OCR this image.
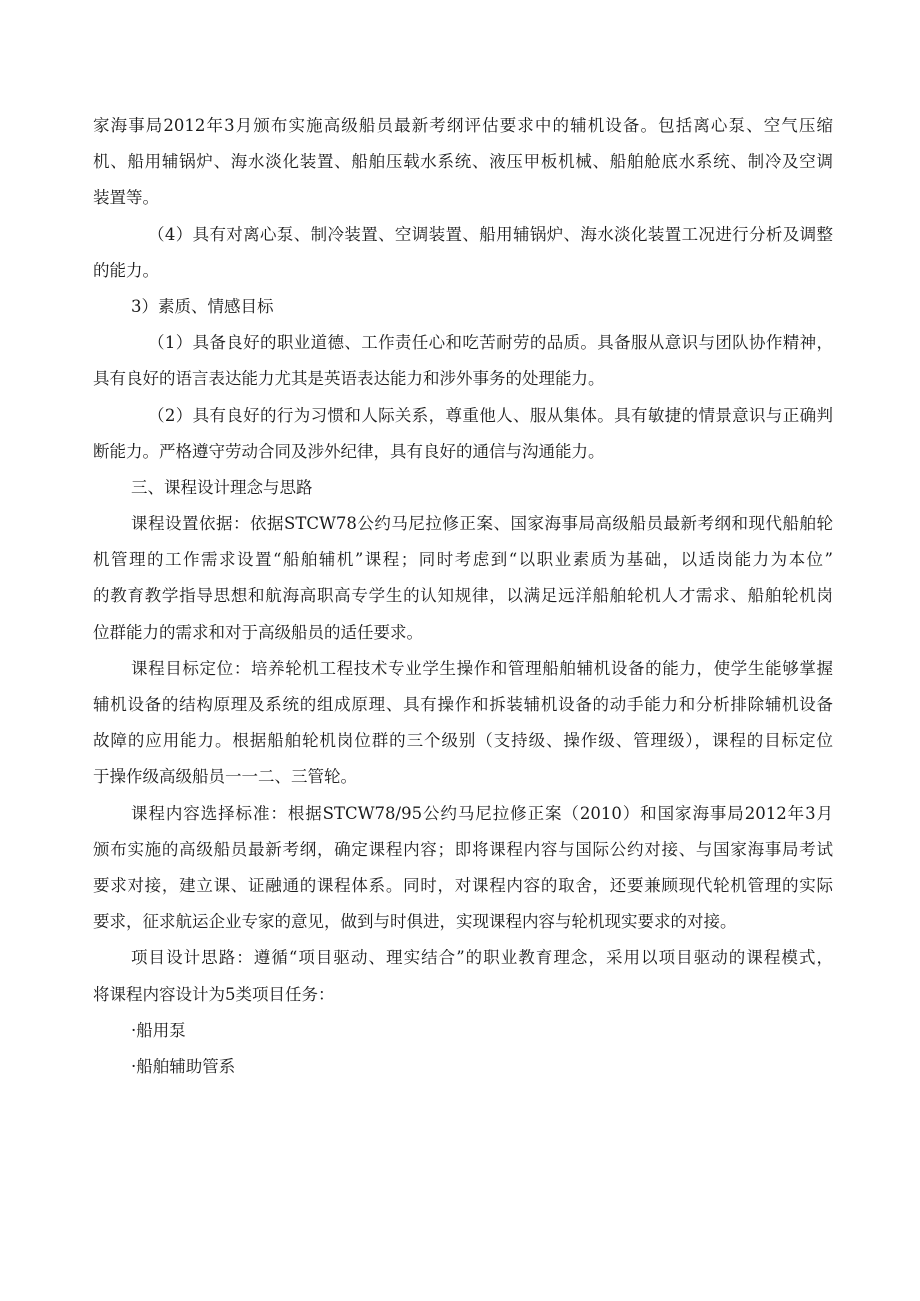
家海事局2012年3月颁布实施高级船员最新考纲评估要求中的辅机设备。包括离心泵、空气压缩
机、船用辅锅炉、海水淡化装置、船舶压载水系统、液压甲板机械、船舶舱底水系统、制冷及空调
装置等。
（4）具有对离心泵、制冷装置、空调装置、船用辅锅炉、海水淡化装置工况进行分析及调整
的能力。
3）素质、情感目标
（1）具备良好的职业道德、工作责任心和吃苦耐劳的品质。具备服从意识与团队协作精神，
具有良好的语言表达能力尤其是英语表达能力和涉外事务的处理能力。
（2）具有良好的行为习惯和人际关系，尊重他人、服从集体。具有敏捷的情景意识与正确判
断能力。严格遵守劳动合同及涉外纪律，具有良好的通信与沟通能力。
三、课程设计理念与思路
课程设置依据：依据STCW78公约马尼拉修正案、国家海事局高级船员最新考纲和现代船舶轮
机管理的工作需求设置“船舶辅机”课程；同时考虑到“以职业素质为基础，以适岗能力为本位”
的教育教学指导思想和航海高职高专学生的认知规律，以满足远洋船舶轮机人才需求、船舶轮机岗
位群能力的需求和对于高级船员的适任要求。
课程目标定位：培养轮机工程技术专业学生操作和管理船舶辅机设备的能力，使学生能够掌握
辅机设备的结构原理及系统的组成原理、具有操作和拆装辅机设备的动手能力和分析排除辅机设备
故障的应用能力。根据船舶轮机岗位群的三个级别（支持级、操作级、管理级），课程的目标定位
于操作级高级船员一一二、三管轮。
课程内容选择标准：根据STCW78/95公约马尼拉修正案（2010）和国家海事局2012年3月
颁布实施的高级船员最新考纲，确定课程内容；即将课程内容与国际公约对接、与国家海事局考试
要求对接，建立课、证融通的课程体系。同时，对课程内容的取舍，还要兼顾现代轮机管理的实际
要求，征求航运企业专家的意见，做到与时俱进，实现课程内容与轮机现实要求的对接。
项目设计思路：遵循“项目驱动、理实结合”的职业教育理念，采用以项目驱动的课程模式，
将课程内容设计为5类项目任务：
·船用泵
·船舶辅助管系
